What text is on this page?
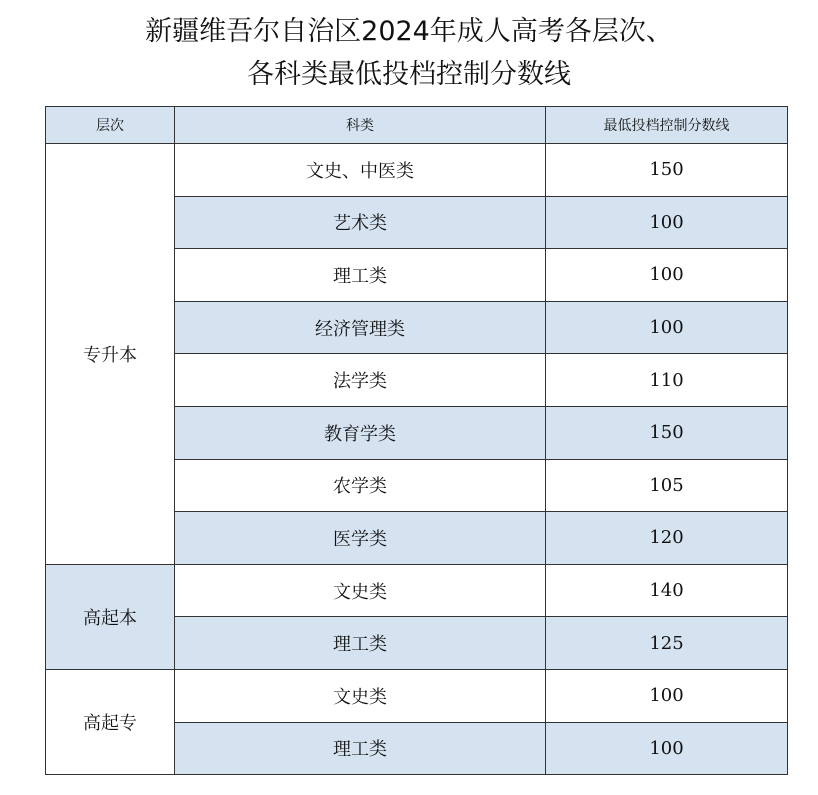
新疆维吾尔自治区2024年成人高考各层次、
各科类最低投档控制分数线
层次	科类	最低投档控制分数线
专升本	文史、中医类	150
	艺术类	100
	理工类	100
	经济管理类	100
	法学类	110
	教育学类	150
	农学类	105
	医学类	120
高起本	文史类	140
	理工类	125
高起专	文史类	100
	理工类	100
